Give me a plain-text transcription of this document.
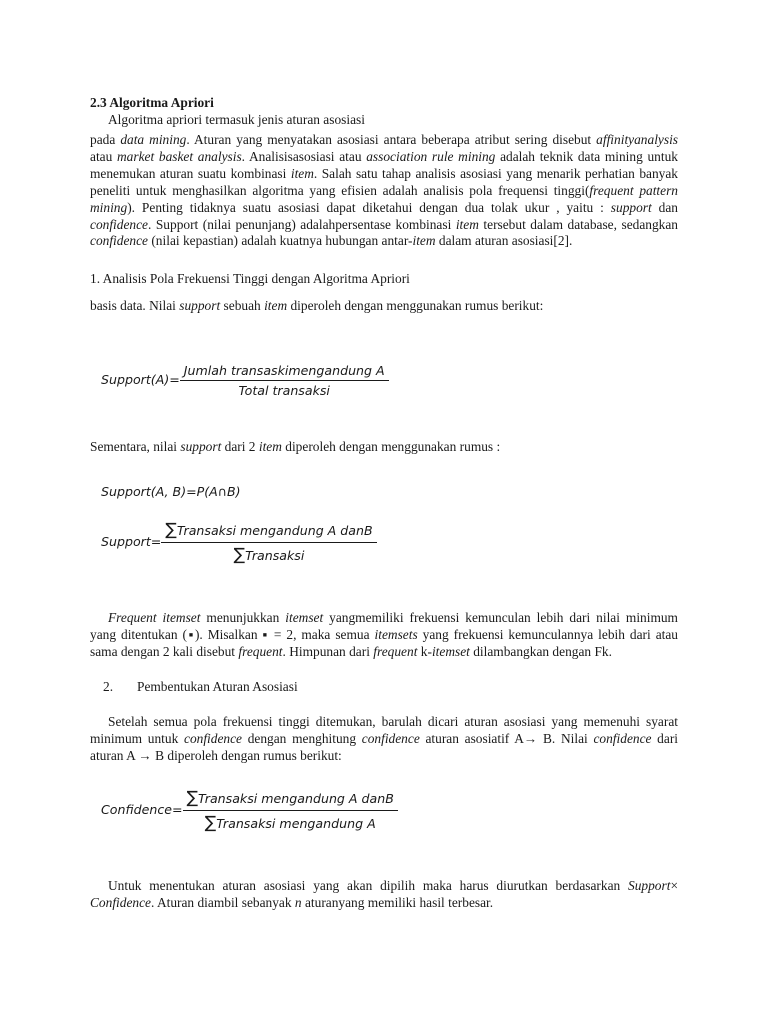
2.3 Algoritma Apriori
Algoritma apriori termasuk jenis aturan asosiasi
pada data mining. Aturan yang menyatakan asosiasi antara beberapa atribut sering disebut affinityanalysis atau market basket analysis. Analisisasosiasi atau association rule mining adalah teknik data mining untuk menemukan aturan suatu kombinasi item. Salah satu tahap analisis asosiasi yang menarik perhatian banyak peneliti untuk menghasilkan algoritma yang efisien adalah analisis pola frequensi tinggi(frequent pattern mining). Penting tidaknya suatu asosiasi dapat diketahui dengan dua tolak ukur , yaitu : support dan confidence. Support (nilai penunjang) adalahpersentase kombinasi item tersebut dalam database, sedangkan confidence (nilai kepastian) adalah kuatnya hubungan antar-item dalam aturan asosiasi[2].
1. Analisis Pola Frekuensi Tinggi dengan Algoritma Apriori
basis data. Nilai support sebuah item diperoleh dengan menggunakan rumus berikut:
Support(A)= $\frac{\text{Jumlah transaskimengandung A}}{\text{Total transaksi}}$
Sementara, nilai support dari 2 item diperoleh dengan menggunakan rumus :
Support(A, B)=P(A∩B)
Support= $\frac{\text{∑Transaksi mengandung A danB}}{\text{∑Transaksi}}$
Frequent itemset menunjukkan itemset yangmemiliki frekuensi kemunculan lebih dari nilai minimum yang ditentukan (▪). Misalkan ▪ = 2, maka semua itemsets yang frekuensi kemunculannya lebih dari atau sama dengan 2 kali disebut frequent. Himpunan dari frequent k-itemset dilambangkan dengan Fk.
2.	Pembentukan Aturan Asosiasi
Setelah semua pola frekuensi tinggi ditemukan, barulah dicari aturan asosiasi yang memenuhi syarat minimum untuk confidence dengan menghitung confidence aturan asosiatif A→ B. Nilai confidence dari aturan A → B diperoleh dengan rumus berikut:
Confidence= $\frac{\text{∑Transaksi mengandung A danB}}{\text{∑Transaksi mengandung A}}$
Untuk menentukan aturan asosiasi yang akan dipilih maka harus diurutkan berdasarkan Support× Confidence. Aturan diambil sebanyak n aturanyang memiliki hasil terbesar.
